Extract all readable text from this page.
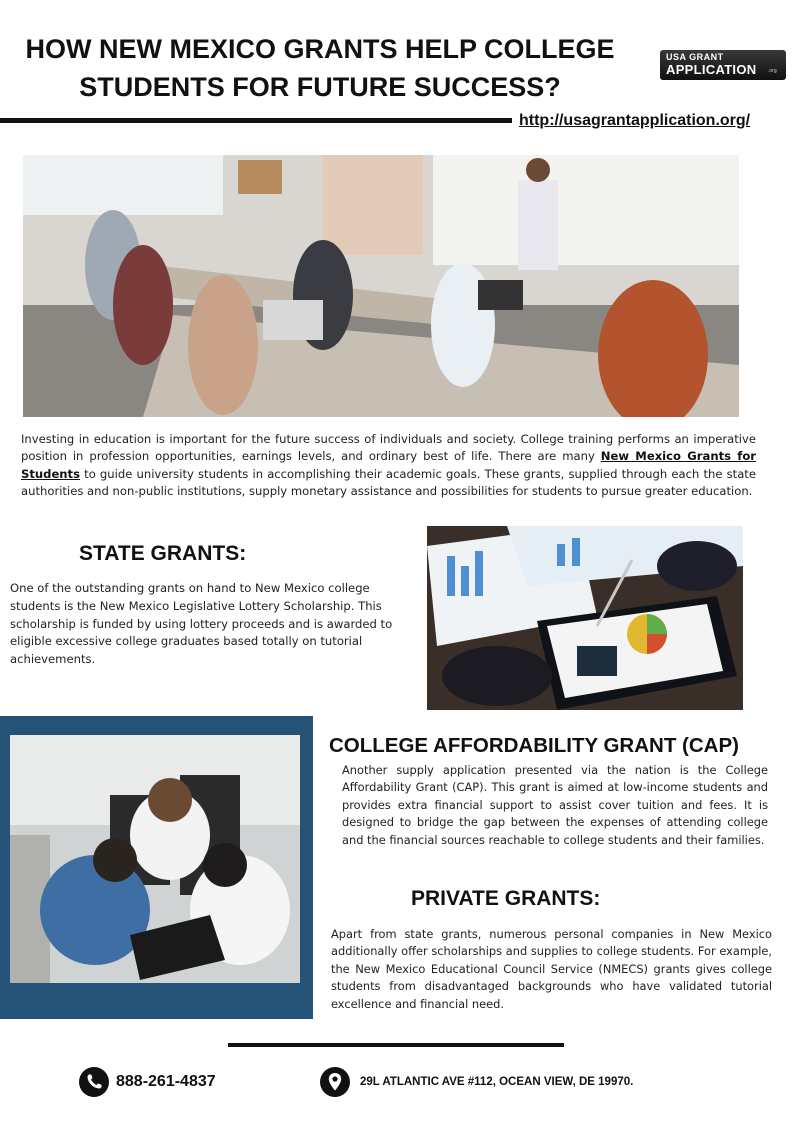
HOW NEW MEXICO GRANTS HELP COLLEGE
STUDENTS FOR FUTURE SUCCESS?
USA GRANT
APPLICATION .org
http://usagrantapplication.org/
Investing in education is important for the future success of individuals and society. College training performs an imperative position in profession opportunities, earnings levels, and ordinary best of life. There are many New Mexico Grants for Students to guide university students in accomplishing their academic goals. These grants, supplied through each the state authorities and non-public institutions, supply monetary assistance and possibilities for students to pursue greater education.
STATE GRANTS:
One of the outstanding grants on hand to New Mexico college students is the New Mexico Legislative Lottery Scholarship. This scholarship is funded by using lottery proceeds and is awarded to eligible excessive college graduates based totally on tutorial achievements.
COLLEGE AFFORDABILITY GRANT (CAP)
Another supply application presented via the nation is the College Affordability Grant (CAP). This grant is aimed at low-income students and provides extra financial support to assist cover tuition and fees. It is designed to bridge the gap between the expenses of attending college and the financial sources reachable to college students and their families.
PRIVATE GRANTS:
Apart from state grants, numerous personal companies in New Mexico additionally offer scholarships and supplies to college students. For example, the New Mexico Educational Council Service (NMECS) grants gives college students from disadvantaged backgrounds who have validated tutorial excellence and financial need.
888-261-4837	29L ATLANTIC AVE #112, OCEAN VIEW, DE 19970.
